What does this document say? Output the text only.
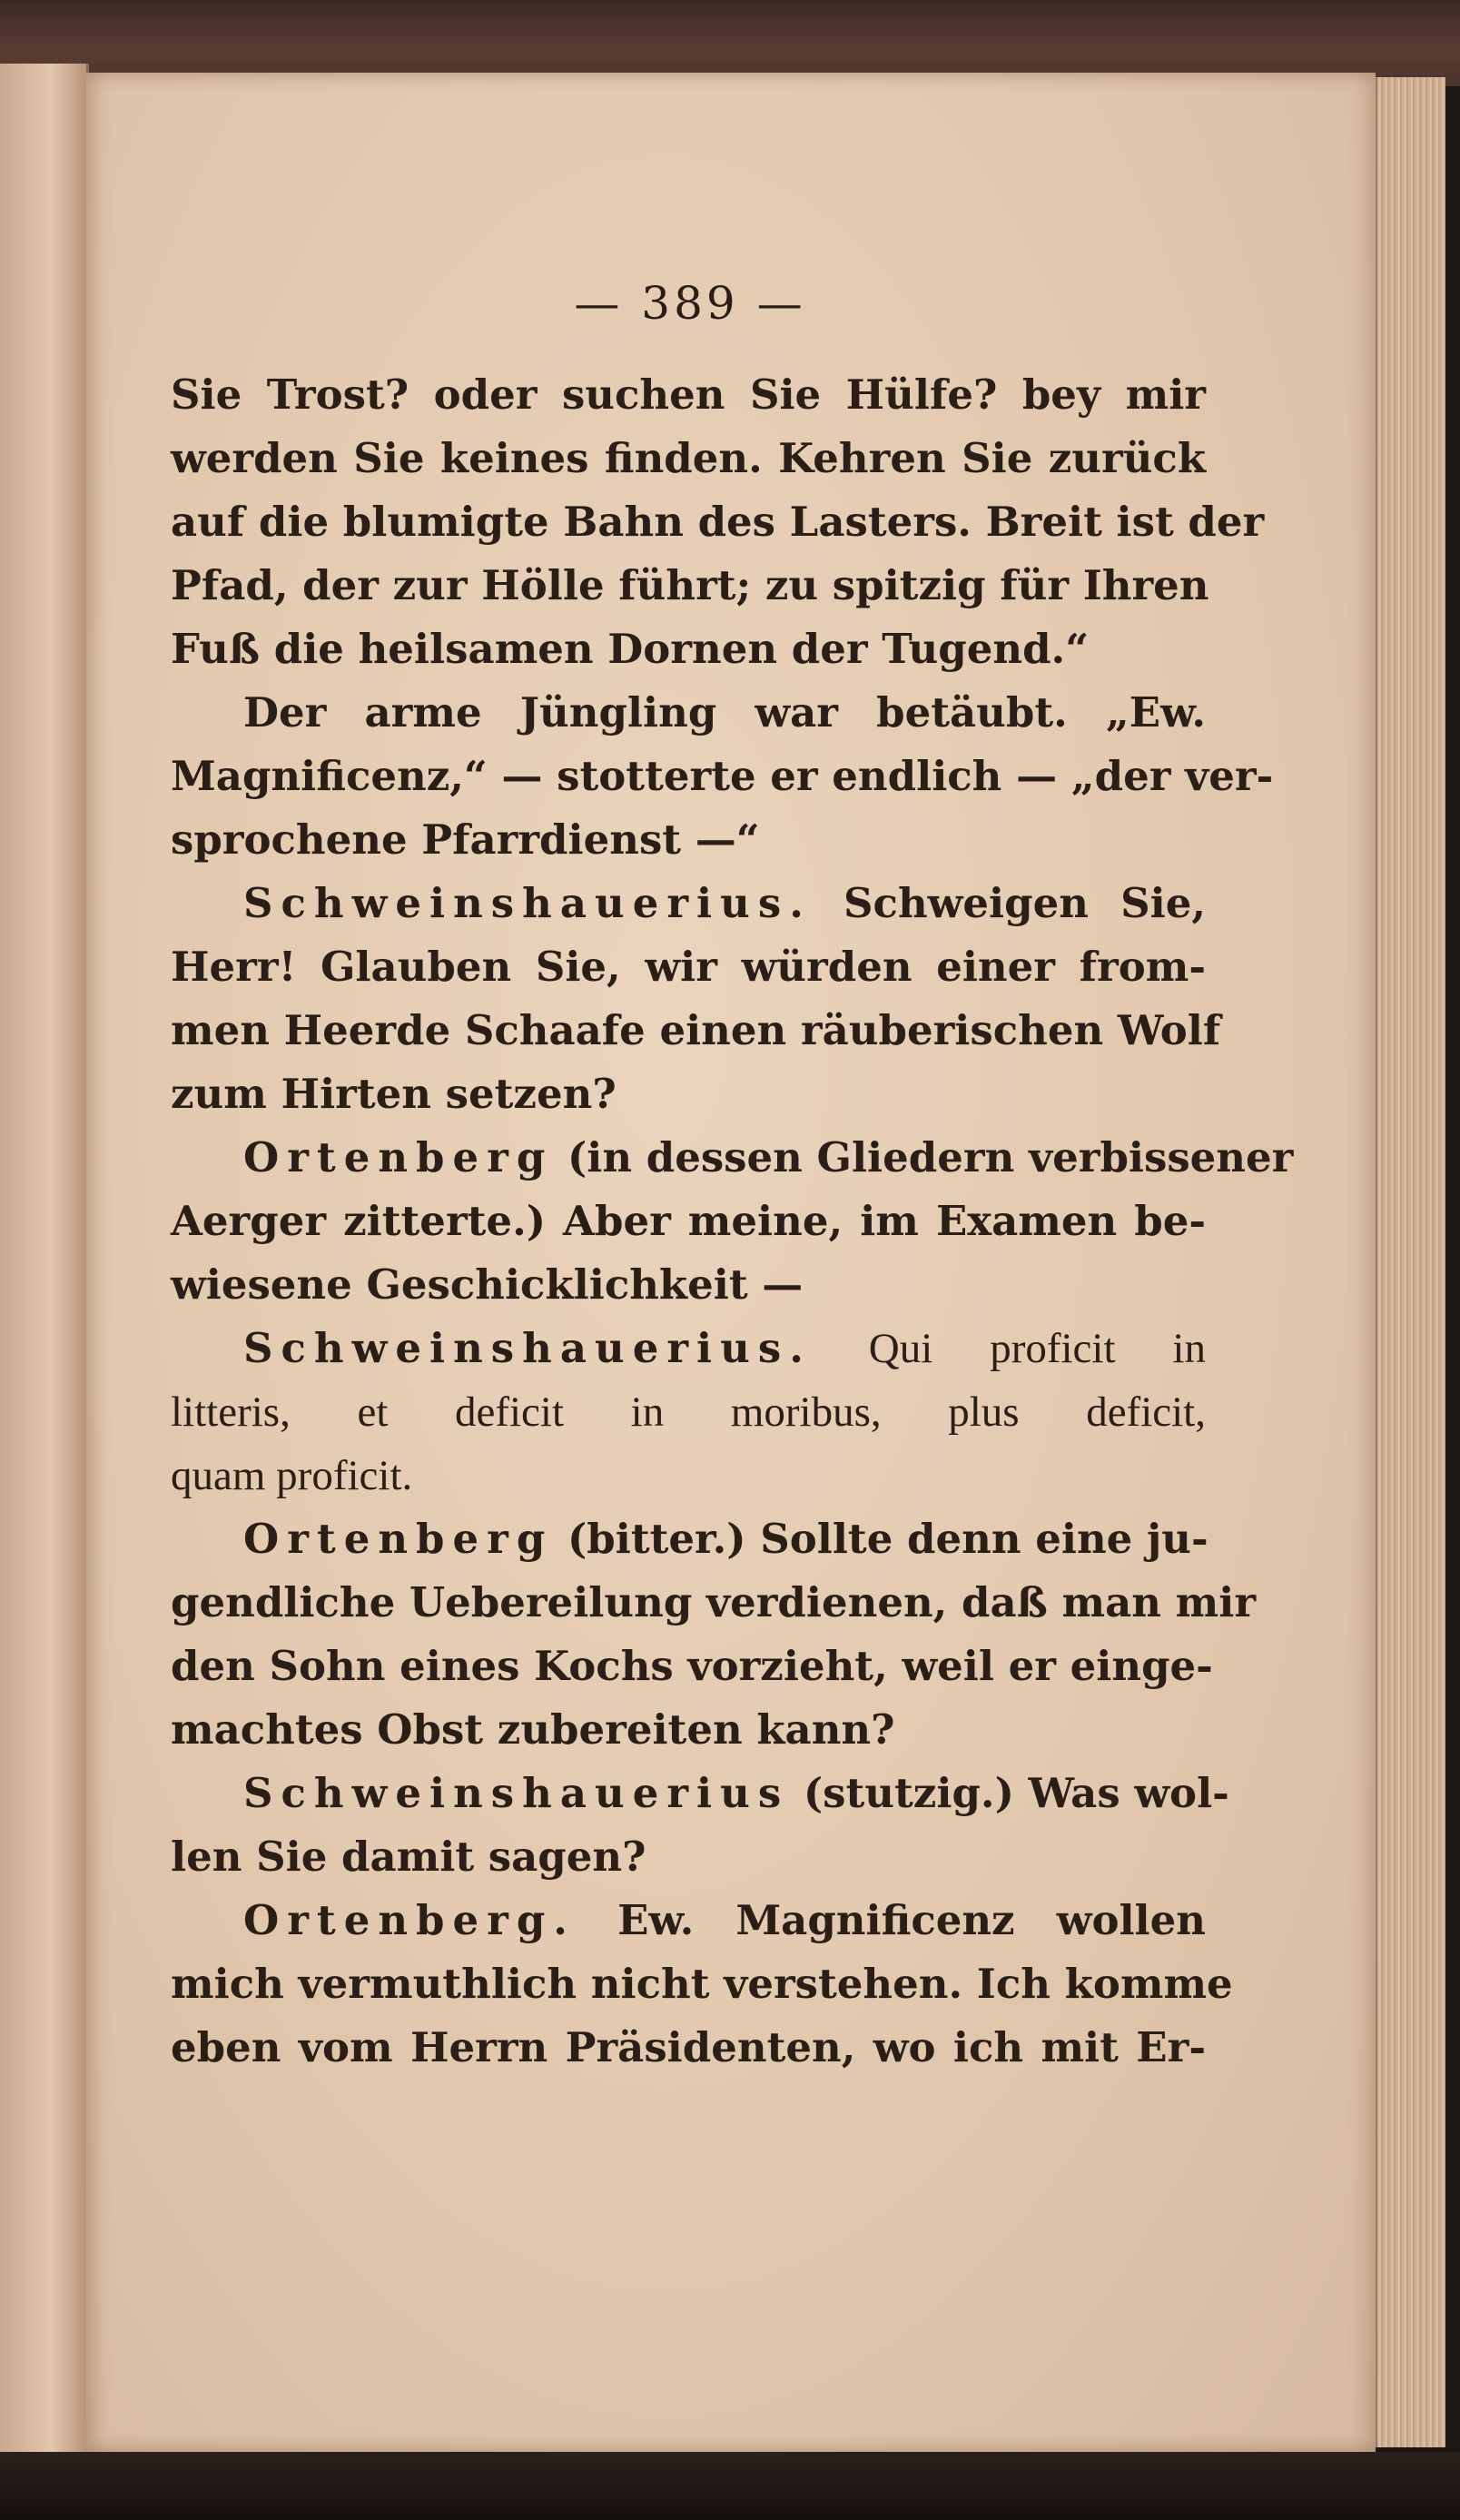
— 389 —
Sie Trost? oder suchen Sie Hülfe? bey mir
werden Sie keines finden. Kehren Sie zurück
auf die blumigte Bahn des Lasters. Breit ist der
Pfad, der zur Hölle führt; zu spitzig für Ihren
Fuß die heilsamen Dornen der Tugend.“
Der arme Jüngling war betäubt. „Ew.
Magnificenz,“ — stotterte er endlich — „der ver-
sprochene Pfarrdienst —“
Schweinshauerius. Schweigen Sie,
Herr! Glauben Sie, wir würden einer from-
men Heerde Schaafe einen räuberischen Wolf
zum Hirten setzen?
Ortenberg (in dessen Gliedern verbissener
Aerger zitterte.) Aber meine, im Examen be-
wiesene Geschicklichkeit —
Schweinshauerius. Qui proficit in
litteris, et deficit in moribus, plus deficit,
quam proficit.
Ortenberg (bitter.) Sollte denn eine ju-
gendliche Uebereilung verdienen, daß man mir
den Sohn eines Kochs vorzieht, weil er einge-
machtes Obst zubereiten kann?
Schweinshauerius (stutzig.) Was wol-
len Sie damit sagen?
Ortenberg. Ew. Magnificenz wollen
mich vermuthlich nicht verstehen. Ich komme
eben vom Herrn Präsidenten, wo ich mit Er-
